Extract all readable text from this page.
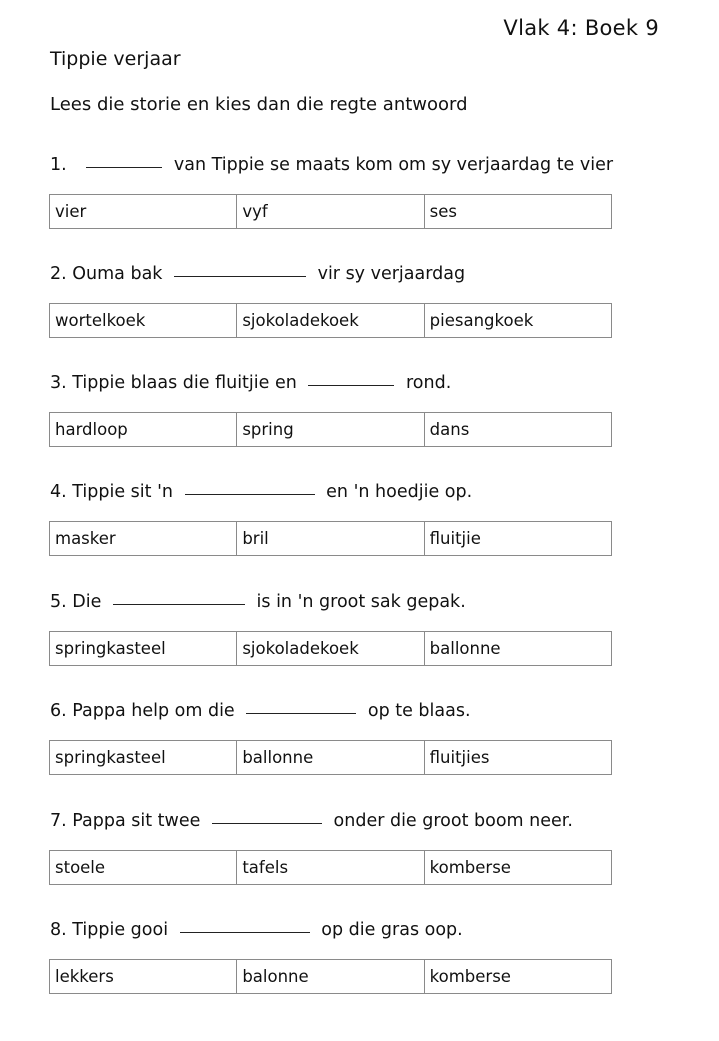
Vlak 4: Boek 9
Tippie verjaar
Lees die storie en kies dan die regte antwoord
1.	van Tippie se maats kom om sy verjaardag te vier
vier	vyf	ses
2. Ouma bak	vir sy verjaardag
wortelkoek	sjokoladekoek	piesangkoek
3. Tippie blaas die fluitjie en	rond.
hardloop	spring	dans
4. Tippie sit 'n	en 'n hoedjie op.
masker	bril	fluitjie
5. Die	is in 'n groot sak gepak.
springkasteel	sjokoladekoek	ballonne
6. Pappa help om die	op te blaas.
springkasteel	ballonne	fluitjies
7. Pappa sit twee	onder die groot boom neer.
stoele	tafels	komberse
8. Tippie gooi	op die gras oop.
lekkers	balonne	komberse
